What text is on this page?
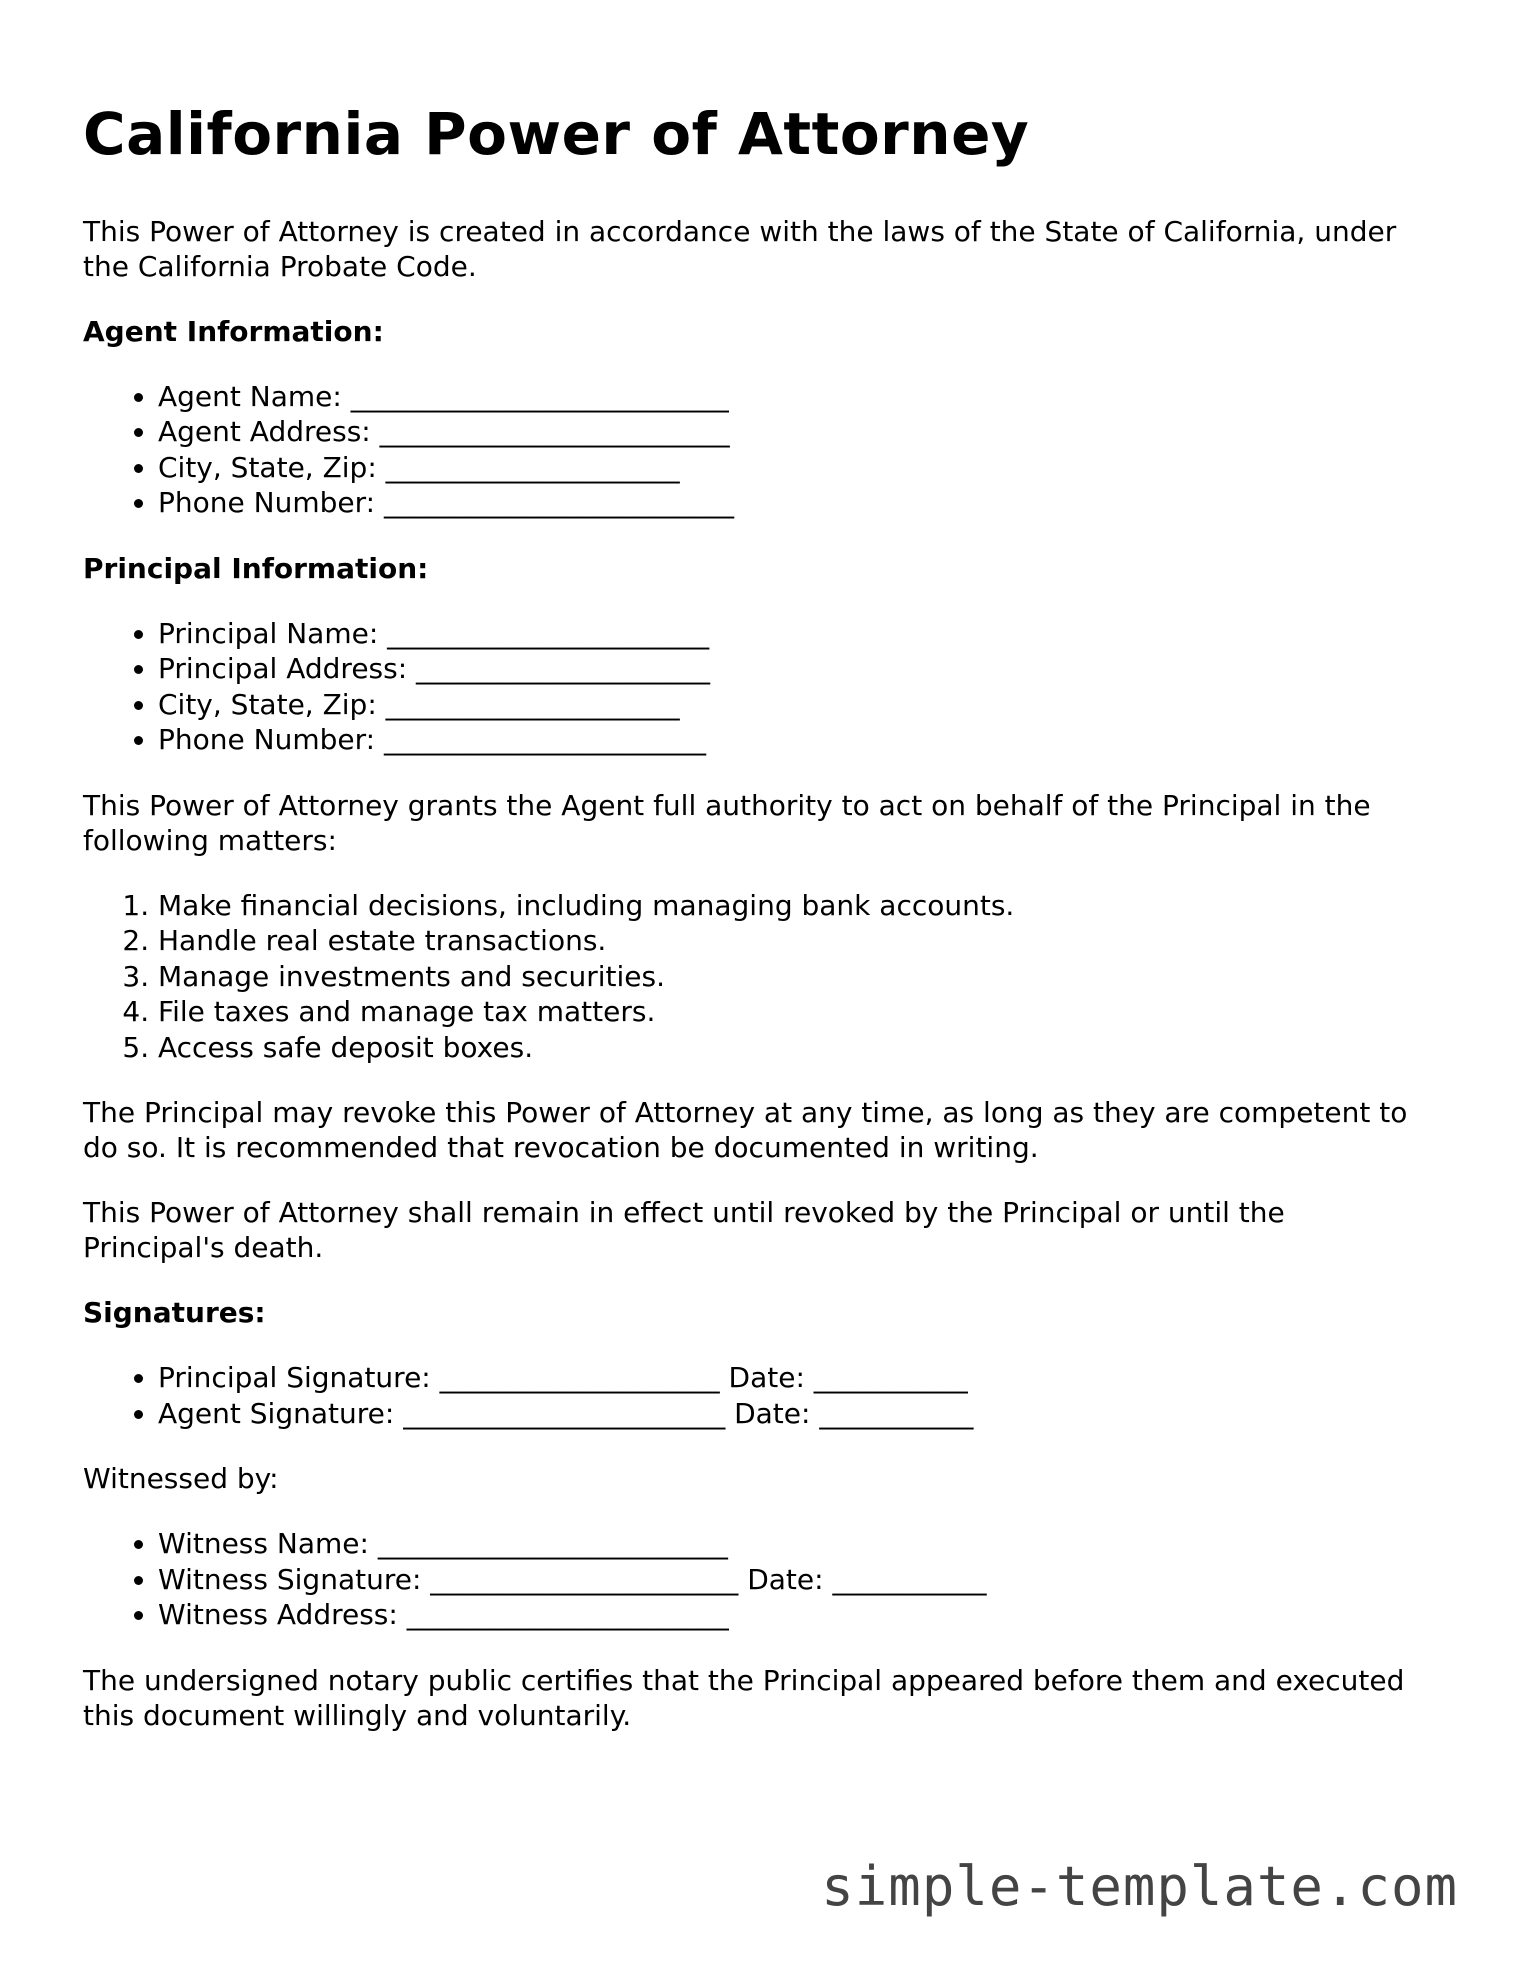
California Power of Attorney

This Power of Attorney is created in accordance with the laws of the State of California, under the California Probate Code.

Agent Information:

• Agent Name: ___________________________
• Agent Address: _________________________
• City, State, Zip: _____________________
• Phone Number: _________________________

Principal Information:

• Principal Name: _______________________
• Principal Address: _____________________
• City, State, Zip: _____________________
• Phone Number: _______________________

This Power of Attorney grants the Agent full authority to act on behalf of the Principal in the following matters:

1. Make financial decisions, including managing bank accounts.
2. Handle real estate transactions.
3. Manage investments and securities.
4. File taxes and manage tax matters.
5. Access safe deposit boxes.

The Principal may revoke this Power of Attorney at any time, as long as they are competent to do so. It is recommended that revocation be documented in writing.

This Power of Attorney shall remain in effect until revoked by the Principal or until the Principal's death.

Signatures:

• Principal Signature: ____________________ Date: ___________
• Agent Signature: _______________________ Date: ___________

Witnessed by:

• Witness Name: _________________________
• Witness Signature: ______________________ Date: ___________
• Witness Address: _______________________

The undersigned notary public certifies that the Principal appeared before them and executed this document willingly and voluntarily.

simple-template.com
